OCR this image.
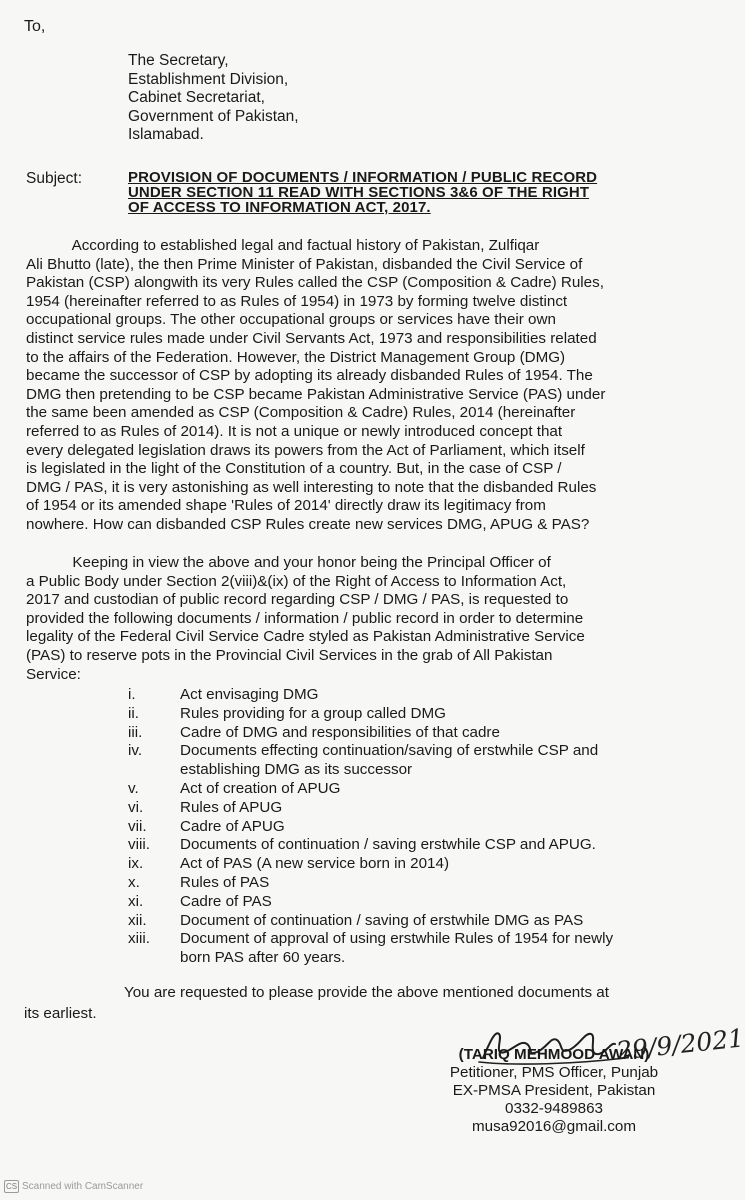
To,
The Secretary,
Establishment Division,
Cabinet Secretariat,
Government of Pakistan,
Islamabad.
Subject:	PROVISION OF DOCUMENTS / INFORMATION / PUBLIC RECORD
UNDER SECTION 11 READ WITH SECTIONS 3&6 OF THE RIGHT
OF ACCESS TO INFORMATION ACT, 2017.
According to established legal and factual history of Pakistan, Zulfiqar
Ali Bhutto (late), the then Prime Minister of Pakistan, disbanded the Civil Service of
Pakistan (CSP) alongwith its very Rules called the CSP (Composition & Cadre) Rules,
1954 (hereinafter referred to as Rules of 1954) in 1973 by forming twelve distinct
occupational groups. The other occupational groups or services have their own
distinct service rules made under Civil Servants Act, 1973 and responsibilities related
to the affairs of the Federation. However, the District Management Group (DMG)
became the successor of CSP by adopting its already disbanded Rules of 1954. The
DMG then pretending to be CSP became Pakistan Administrative Service (PAS) under
the same been amended as CSP (Composition & Cadre) Rules, 2014 (hereinafter
referred to as Rules of 2014). It is not a unique or newly introduced concept that
every delegated legislation draws its powers from the Act of Parliament, which itself
is legislated in the light of the Constitution of a country. But, in the case of CSP /
DMG / PAS, it is very astonishing as well interesting to note that the disbanded Rules
of 1954 or its amended shape 'Rules of 2014' directly draw its legitimacy from
nowhere. How can disbanded CSP Rules create new services DMG, APUG & PAS?
Keeping in view the above and your honor being the Principal Officer of
a Public Body under Section 2(viii)&(ix) of the Right of Access to Information Act,
2017 and custodian of public record regarding CSP / DMG / PAS, is requested to
provided the following documents / information / public record in order to determine
legality of the Federal Civil Service Cadre styled as Pakistan Administrative Service
(PAS) to reserve pots in the Provincial Civil Services in the grab of All Pakistan
Service:
i.	Act envisaging DMG
ii.	Rules providing for a group called DMG
iii.	Cadre of DMG and responsibilities of that cadre
iv.	Documents effecting continuation/saving of erstwhile CSP and
establishing DMG as its successor
v.	Act of creation of APUG
vi.	Rules of APUG
vii.	Cadre of APUG
viii.	Documents of continuation / saving erstwhile CSP and APUG.
ix.	Act of PAS (A new service born in 2014)
x.	Rules of PAS
xi.	Cadre of PAS
xii.	Document of continuation / saving of erstwhile DMG as PAS
xiii.	Document of approval of using erstwhile Rules of 1954 for newly
born PAS after 60 years.
You are requested to please provide the above mentioned documents at
its earliest.
29/9/2021
(TARIQ MEHMOOD AWAN)
Petitioner, PMS Officer, Punjab
EX-PMSA President, Pakistan
0332-9489863
musa92016@gmail.com
CS Scanned with CamScanner
